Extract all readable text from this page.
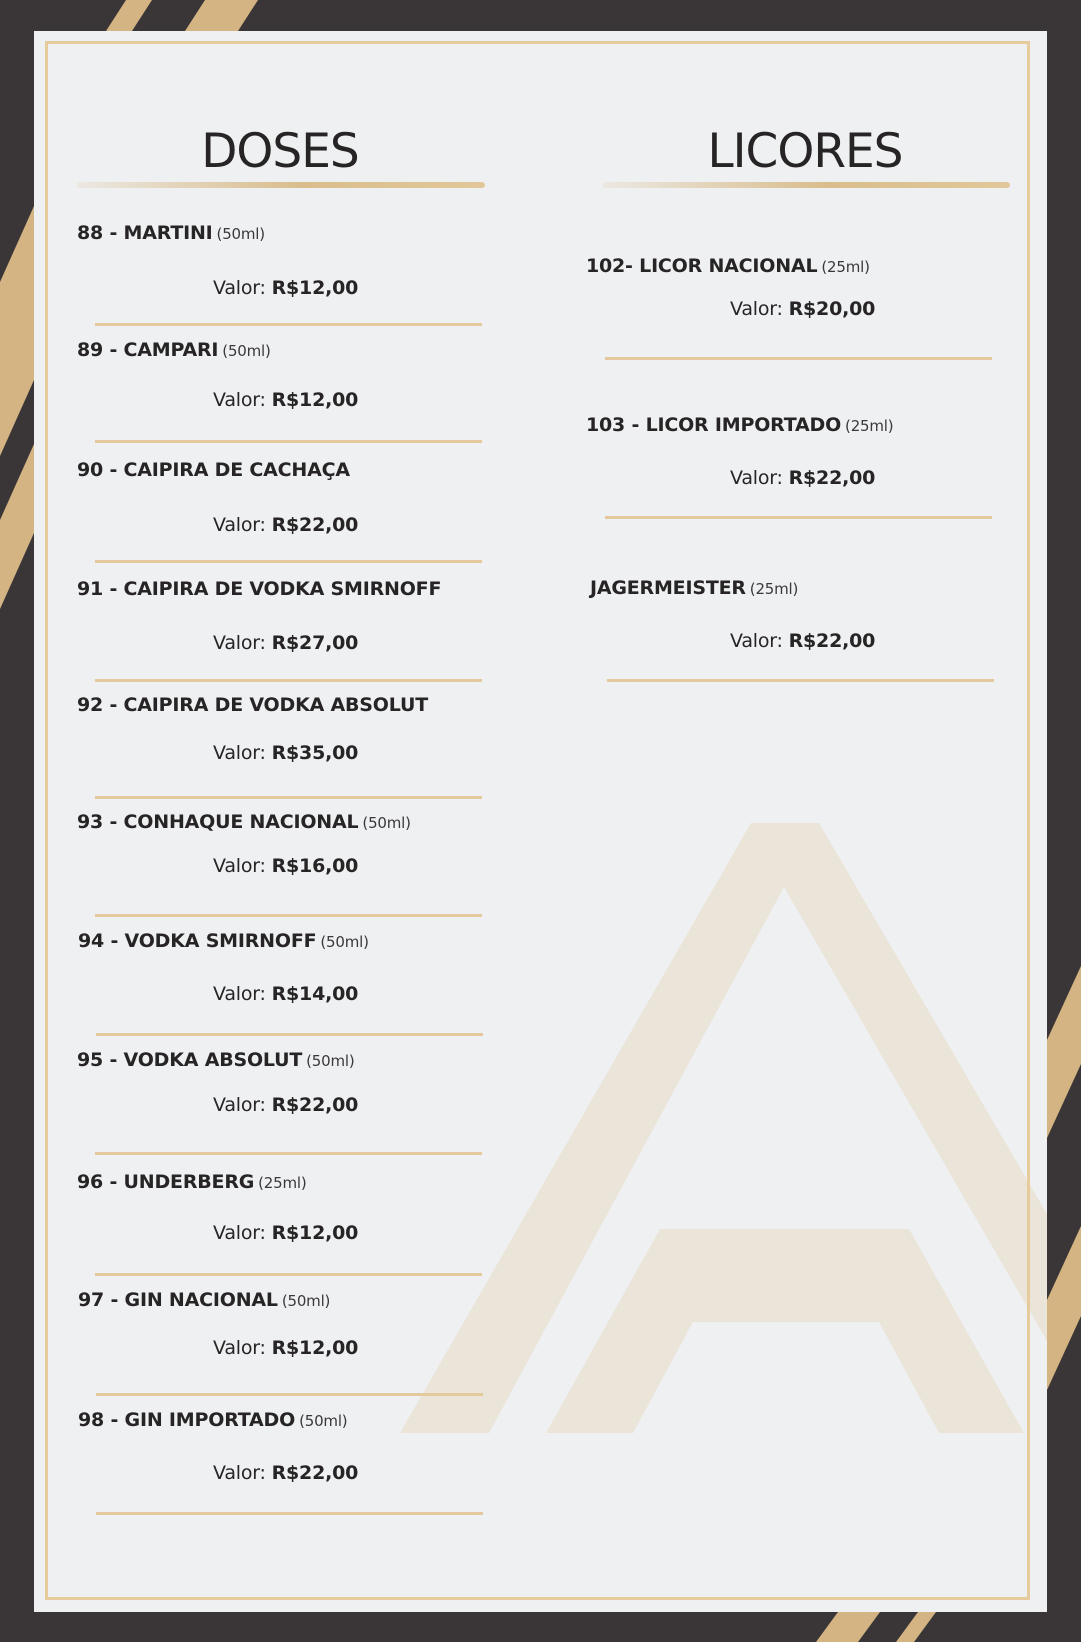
DOSES

88 - MARTINI (50ml)

Valor: R$12,00

89 - CAMPARI (50ml)

Valor: R$12,00

90 - CAIPIRA DE CACHAÇA

Valor: R$22,00

91 - CAIPIRA DE VODKA SMIRNOFF

Valor: R$27,00

92 - CAIPIRA DE VODKA ABSOLUT

Valor: R$35,00

93 - CONHAQUE NACIONAL (50ml)

Valor: R$16,00

94 - VODKA SMIRNOFF (50ml)

Valor: R$14,00

95 - VODKA ABSOLUT (50ml)

Valor: R$22,00

96 - UNDERBERG (25ml)

Valor: R$12,00

97 - GIN NACIONAL (50ml)

Valor: R$12,00

98 - GIN IMPORTADO (50ml)

Valor: R$22,00

LICORES

102- LICOR NACIONAL (25ml)

Valor: R$20,00

103 - LICOR IMPORTADO (25ml)

Valor: R$22,00

JAGERMEISTER (25ml)

Valor: R$22,00
